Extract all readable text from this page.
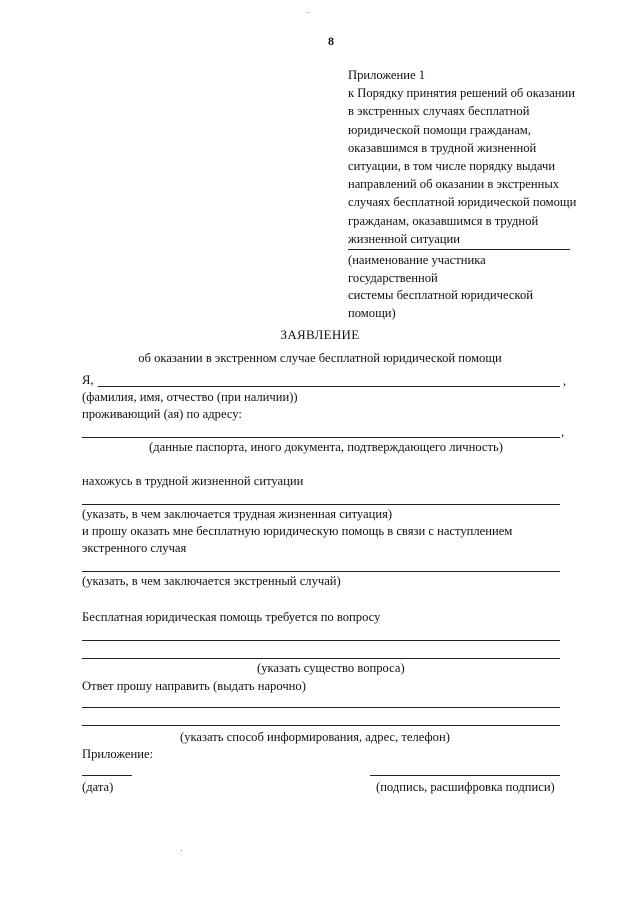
8
Приложение 1
к Порядку принятия решений об оказании
в экстренных случаях бесплатной
юридической помощи гражданам,
оказавшимся в трудной жизненной
ситуации, в том числе порядку выдачи
направлений об оказании в экстренных
случаях бесплатной юридической помощи
гражданам, оказавшимся в трудной
жизненной ситуации
(наименование участника
государственной
системы бесплатной юридической
помощи)
ЗАЯВЛЕНИЕ
об оказании в экстренном случае бесплатной юридической помощи
Я,	,
(фамилия, имя, отчество (при наличии))
проживающий (ая) по адресу:
,
(данные паспорта, иного документа, подтверждающего личность)
нахожусь в трудной жизненной ситуации
(указать, в чем заключается трудная жизненная ситуация)
и прошу оказать мне бесплатную юридическую помощь в связи с наступлением
экстренного случая
(указать, в чем заключается экстренный случай)
Бесплатная юридическая помощь требуется по вопросу
(указать существо вопроса)
Ответ прошу направить (выдать нарочно)
(указать способ информирования, адрес, телефон)
Приложение:
(дата)	(подпись, расшифровка подписи)
